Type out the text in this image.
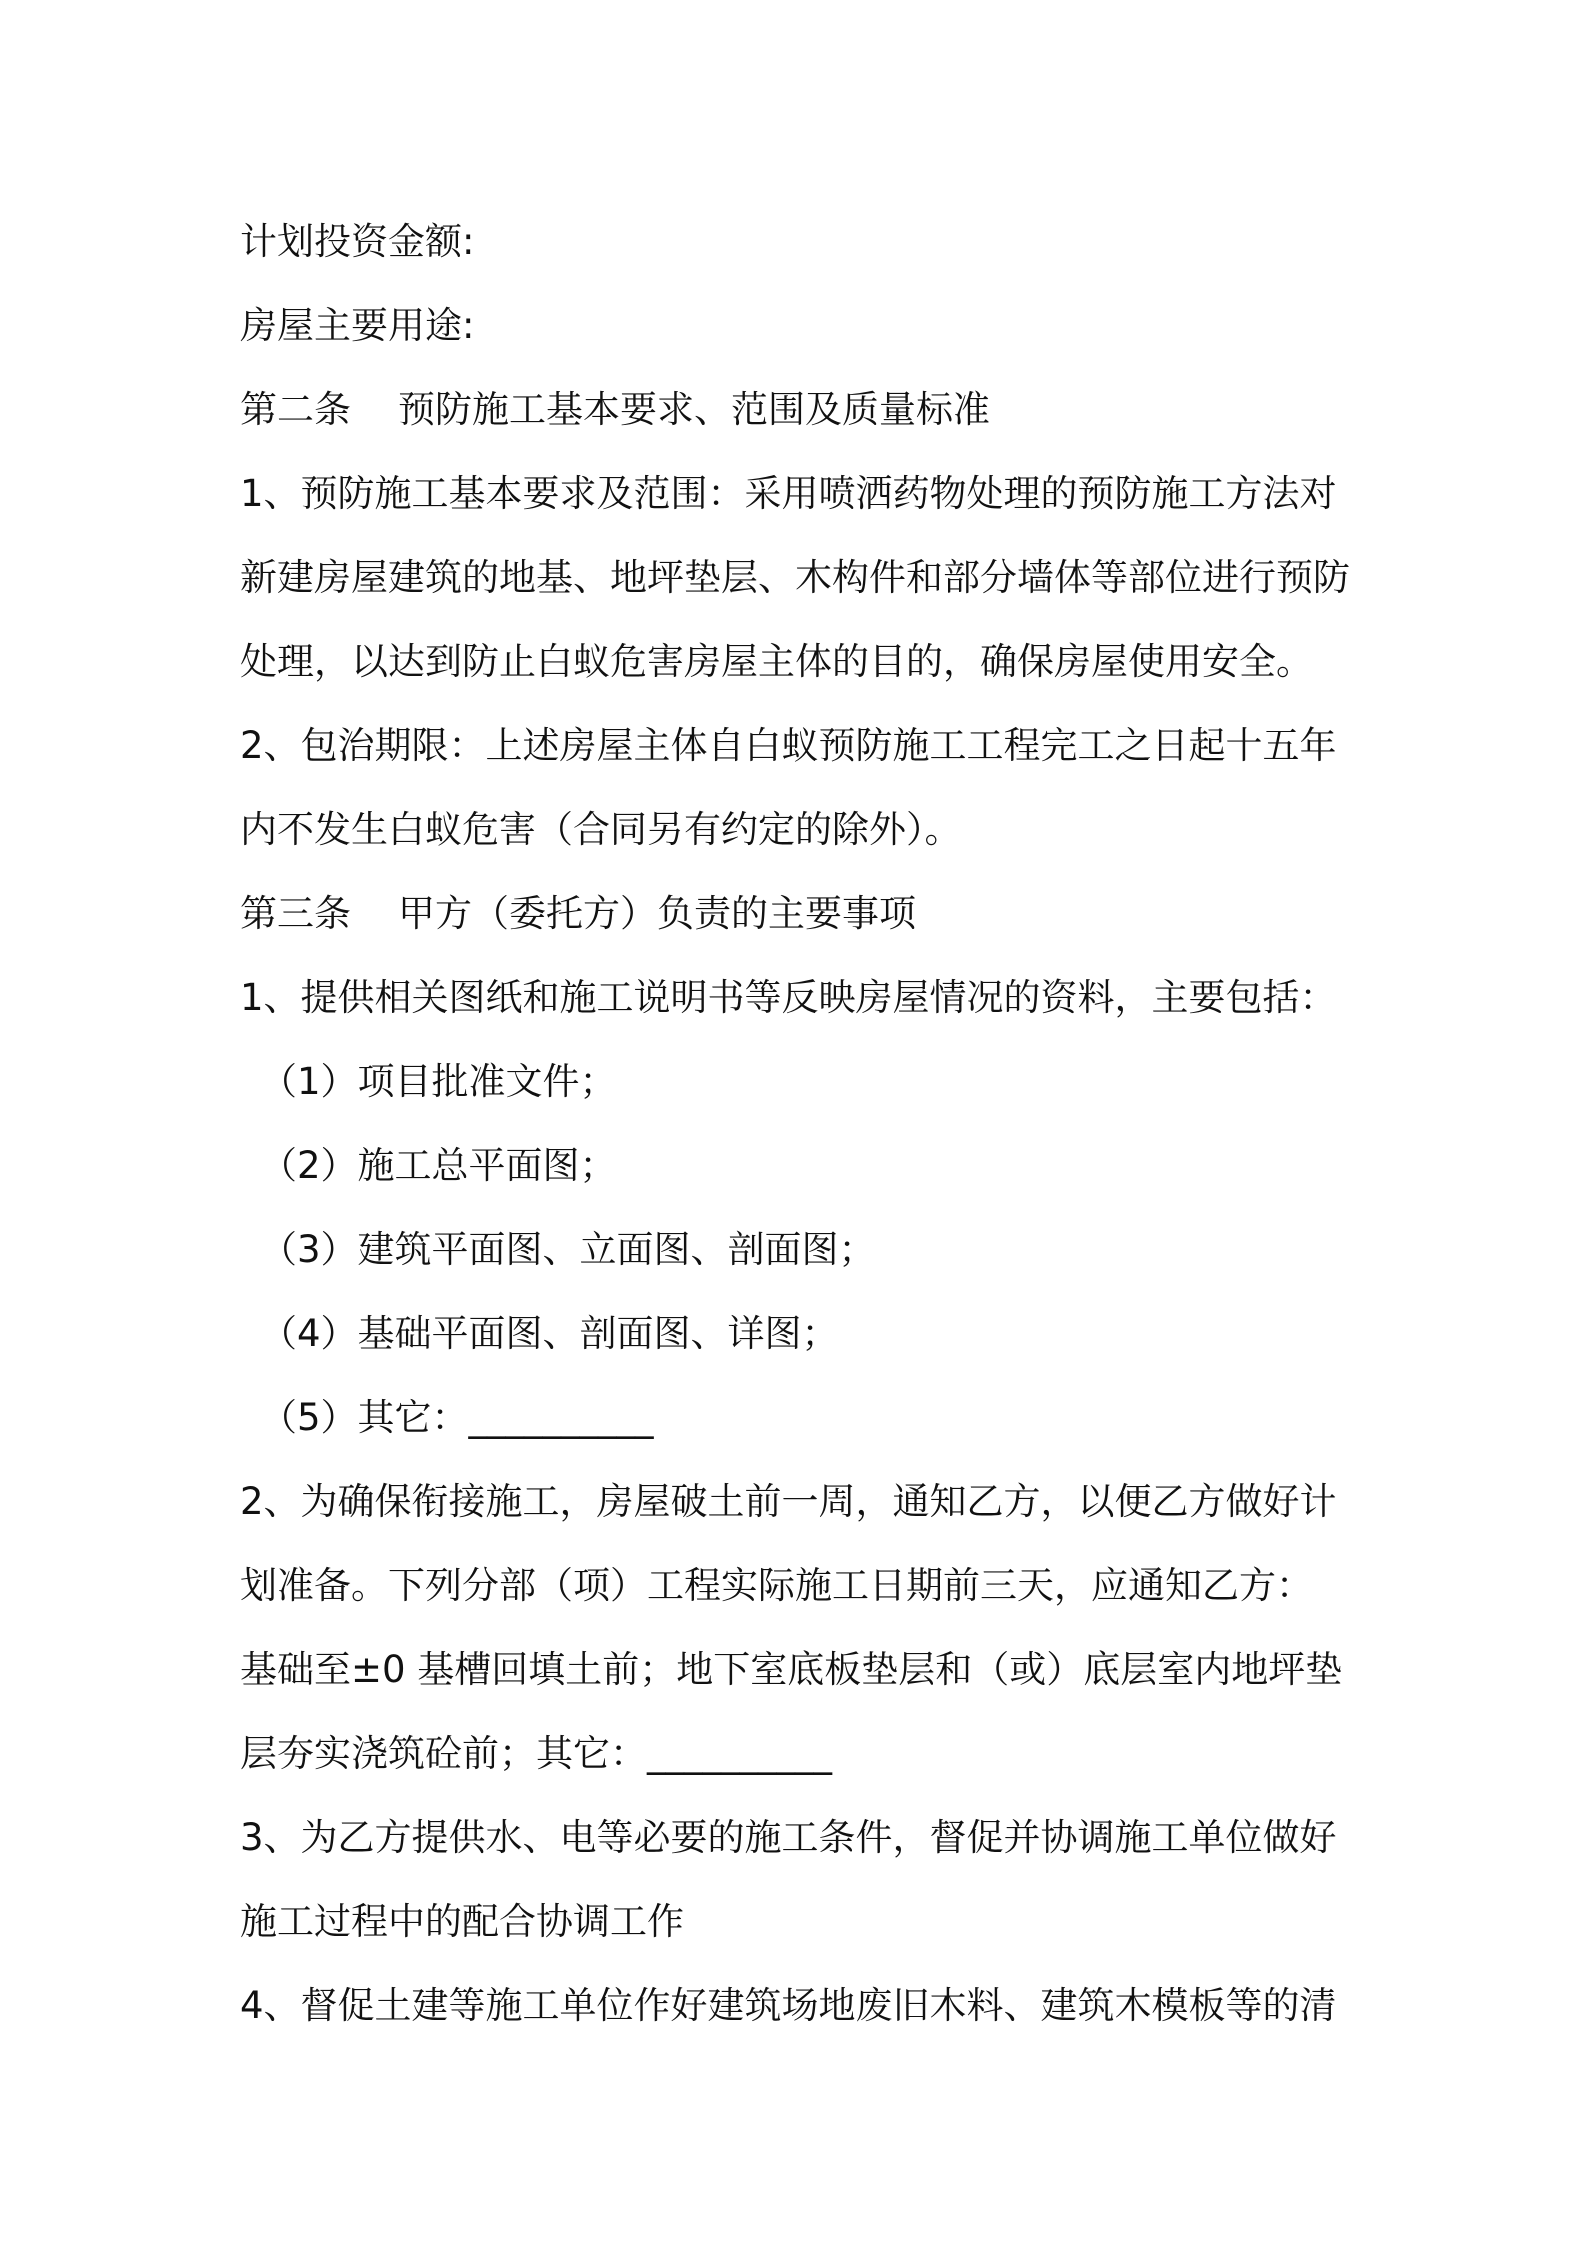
计划投资金额:
房屋主要用途:
第二条    预防施工基本要求、范围及质量标准
1、预防施工基本要求及范围：采用喷洒药物处理的预防施工方法对
新建房屋建筑的地基、地坪垫层、木构件和部分墙体等部位进行预防
处理，以达到防止白蚁危害房屋主体的目的，确保房屋使用安全。
2、包治期限：上述房屋主体自白蚁预防施工工程完工之日起十五年
内不发生白蚁危害（合同另有约定的除外）。
第三条    甲方（委托方）负责的主要事项
1、提供相关图纸和施工说明书等反映房屋情况的资料，主要包括：
（1）项目批准文件；
（2）施工总平面图；
（3）建筑平面图、立面图、剖面图；
（4）基础平面图、剖面图、详图；
（5）其它：__________
2、为确保衔接施工，房屋破土前一周，通知乙方，以便乙方做好计
划准备。下列分部（项）工程实际施工日期前三天，应通知乙方：
基础至±0 基槽回填土前；地下室底板垫层和（或）底层室内地坪垫
层夯实浇筑砼前；其它：__________
3、为乙方提供水、电等必要的施工条件，督促并协调施工单位做好
施工过程中的配合协调工作
4、督促土建等施工单位作好建筑场地废旧木料、建筑木模板等的清
